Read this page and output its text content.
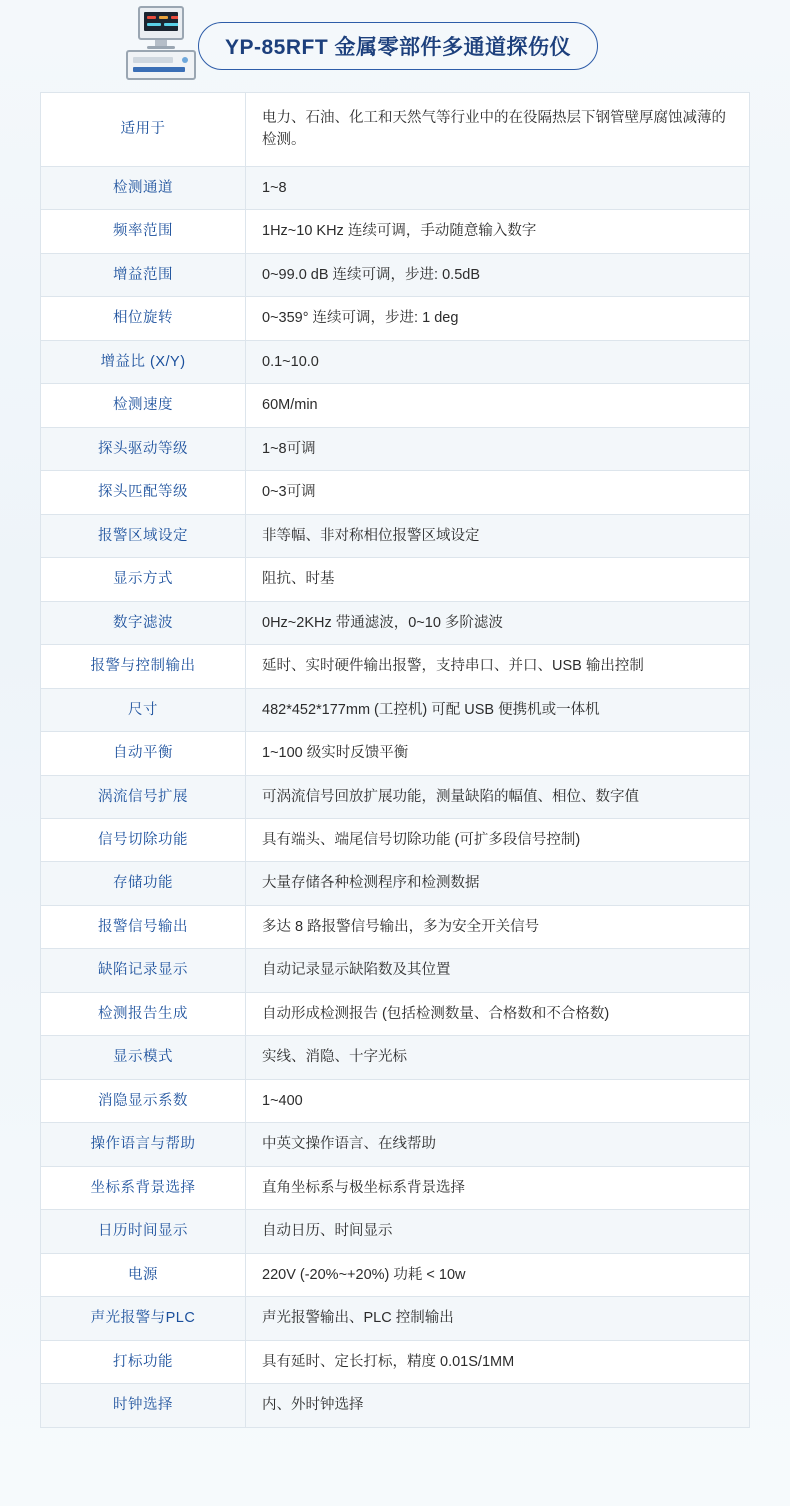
YP-85RFT 金属零部件多通道探伤仪
适用于	电力、石油、化工和天然气等行业中的在役隔热层下钢管壁厚腐蚀减薄的检测。
检测通道	1~8
频率范围	1Hz~10 KHz 连续可调，手动随意输入数字
增益范围	0~99.0 dB 连续可调，步进: 0.5dB
相位旋转	0~359° 连续可调，步进: 1 deg
增益比 (X/Y)	0.1~10.0
检测速度	60M/min
探头驱动等级	1~8可调
探头匹配等级	0~3可调
报警区域设定	非等幅、非对称相位报警区域设定
显示方式	阻抗、时基
数字滤波	0Hz~2KHz 带通滤波，0~10 多阶滤波
报警与控制输出	延时、实时硬件输出报警，支持串口、并口、USB 输出控制
尺寸	482*452*177mm (工控机) 可配 USB 便携机或一体机
自动平衡	1~100 级实时反馈平衡
涡流信号扩展	可涡流信号回放扩展功能，测量缺陷的幅值、相位、数字值
信号切除功能	具有端头、端尾信号切除功能 (可扩多段信号控制)
存储功能	大量存储各种检测程序和检测数据
报警信号输出	多达 8 路报警信号输出，多为安全开关信号
缺陷记录显示	自动记录显示缺陷数及其位置
检测报告生成	自动形成检测报告 (包括检测数量、合格数和不合格数)
显示模式	实线、消隐、十字光标
消隐显示系数	1~400
操作语言与帮助	中英文操作语言、在线帮助
坐标系背景选择	直角坐标系与极坐标系背景选择
日历时间显示	自动日历、时间显示
电源	220V (-20%~+20%) 功耗 < 10w
声光报警与PLC	声光报警输出、PLC 控制输出
打标功能	具有延时、定长打标，精度 0.01S/1MM
时钟选择	内、外时钟选择
